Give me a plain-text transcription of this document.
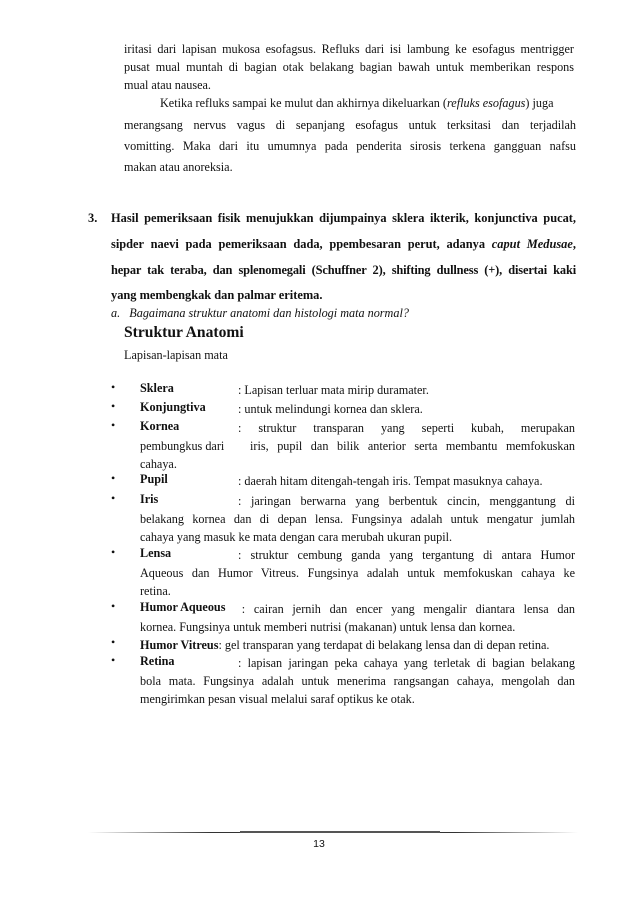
iritasi dari lapisan mukosa esofagsus. Refluks dari isi lambung ke esofagus mentrigger
pusat mual muntah di bagian otak belakang bagian bawah untuk memberikan respons
mual atau nausea.
Ketika refluks sampai ke mulut dan akhirnya dikeluarkan (refluks esofagus) juga
merangsang nervus vagus di sepanjang esofagus untuk terksitasi dan terjadilah
vomitting. Maka dari itu umumnya pada penderita sirosis terkena gangguan nafsu
makan atau anoreksia.
3. Hasil pemeriksaan fisik menujukkan dijumpainya sklera ikterik, konjunctiva pucat,
sipder naevi pada pemeriksaan dada, ppembesaran perut, adanya caput Medusae,
hepar tak teraba, dan splenomegali (Schuffner 2), shifting dullness (+), disertai kaki
yang membengkak dan palmar eritema.
a.   Bagaimana struktur anatomi dan histologi mata normal?
Struktur Anatomi
Lapisan-lapisan mata
• Sklera	: Lapisan terluar mata mirip duramater.
• Konjungtiva	: untuk melindungi kornea dan sklera.
• Kornea	:     struktur     transparan     yang     seperti     kubah,     merupakan
pembungkus dari iris, pupil dan bilik anterior serta membantu memfokuskan
cahaya.
• Pupil	: daerah hitam ditengah-tengah iris. Tempat masuknya cahaya.
• Iris	:  jaringan  berwarna  yang  berbentuk  cincin,  menggantung  di
belakang kornea dan di depan lensa. Fungsinya adalah untuk mengatur jumlah
cahaya yang masuk ke mata dengan cara merubah ukuran pupil.
• Lensa	:  struktur  cembung  ganda  yang  tergantung  di  antara  Humor
Aqueous dan Humor Vitreus. Fungsinya adalah untuk memfokuskan cahaya ke
retina.
• Humor Aqueous :  cairan  jernih  dan  encer  yang  mengalir  diantara  lensa  dan
kornea. Fungsinya untuk memberi nutrisi (makanan) untuk lensa dan kornea.
• Humor Vitreus: gel transparan yang terdapat di belakang lensa dan di depan retina.
• Retina	: lapisan jaringan peka cahaya yang terletak di bagian belakang
bola mata. Fungsinya adalah untuk menerima rangsangan cahaya, mengolah dan
mengirimkan pesan visual melalui saraf optikus ke otak.
13
